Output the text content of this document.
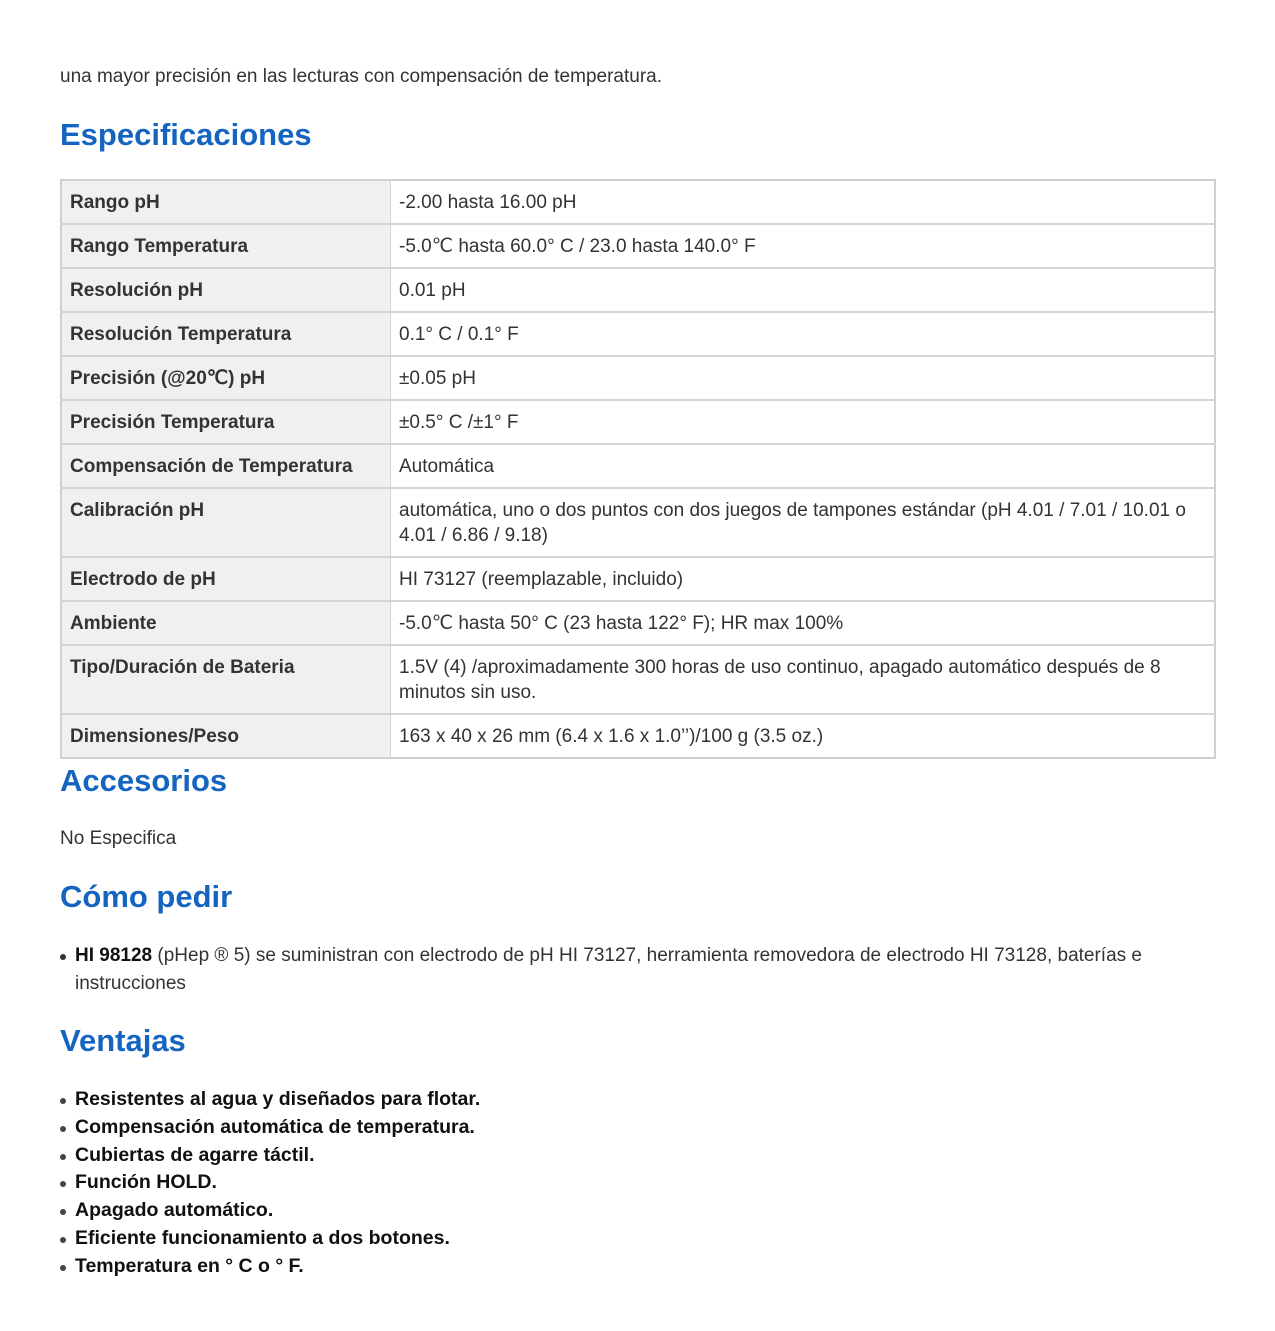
una mayor precisión en las lecturas con compensación de temperatura.

Especificaciones
Rango pH	-2.00 hasta 16.00 pH
Rango Temperatura	-5.0℃ hasta 60.0° C / 23.0 hasta 140.0° F
Resolución pH	0.01 pH
Resolución Temperatura	0.1° C / 0.1° F
Precisión (@20℃) pH	±0.05 pH
Precisión Temperatura	±0.5° C /±1° F
Compensación de Temperatura	Automática
Calibración pH	automática, uno o dos puntos con dos juegos de tampones estándar (pH 4.01 / 7.01 / 10.01 o 4.01 / 6.86 / 9.18)
Electrodo de pH	HI 73127 (reemplazable, incluido)
Ambiente	-5.0℃ hasta 50° C (23 hasta 122° F); HR max 100%
Tipo/Duración de Bateria	1.5V (4) /aproximadamente 300 horas de uso continuo, apagado automático después de 8 minutos sin uso.
Dimensiones/Peso	163 x 40 x 26 mm (6.4 x 1.6 x 1.0’’)/100 g (3.5 oz.)
Accesorios

No Especifica

Cómo pedir
HI 98128 (pHep ® 5) se suministran con electrodo de pH HI 73127, herramienta removedora de electrodo HI 73128, baterías e instrucciones
Ventajas
Resistentes al agua y diseñados para flotar.
Compensación automática de temperatura.
Cubiertas de agarre táctil.
Función HOLD.
Apagado automático.
Eficiente funcionamiento a dos botones.
Temperatura en ° C o ° F.
